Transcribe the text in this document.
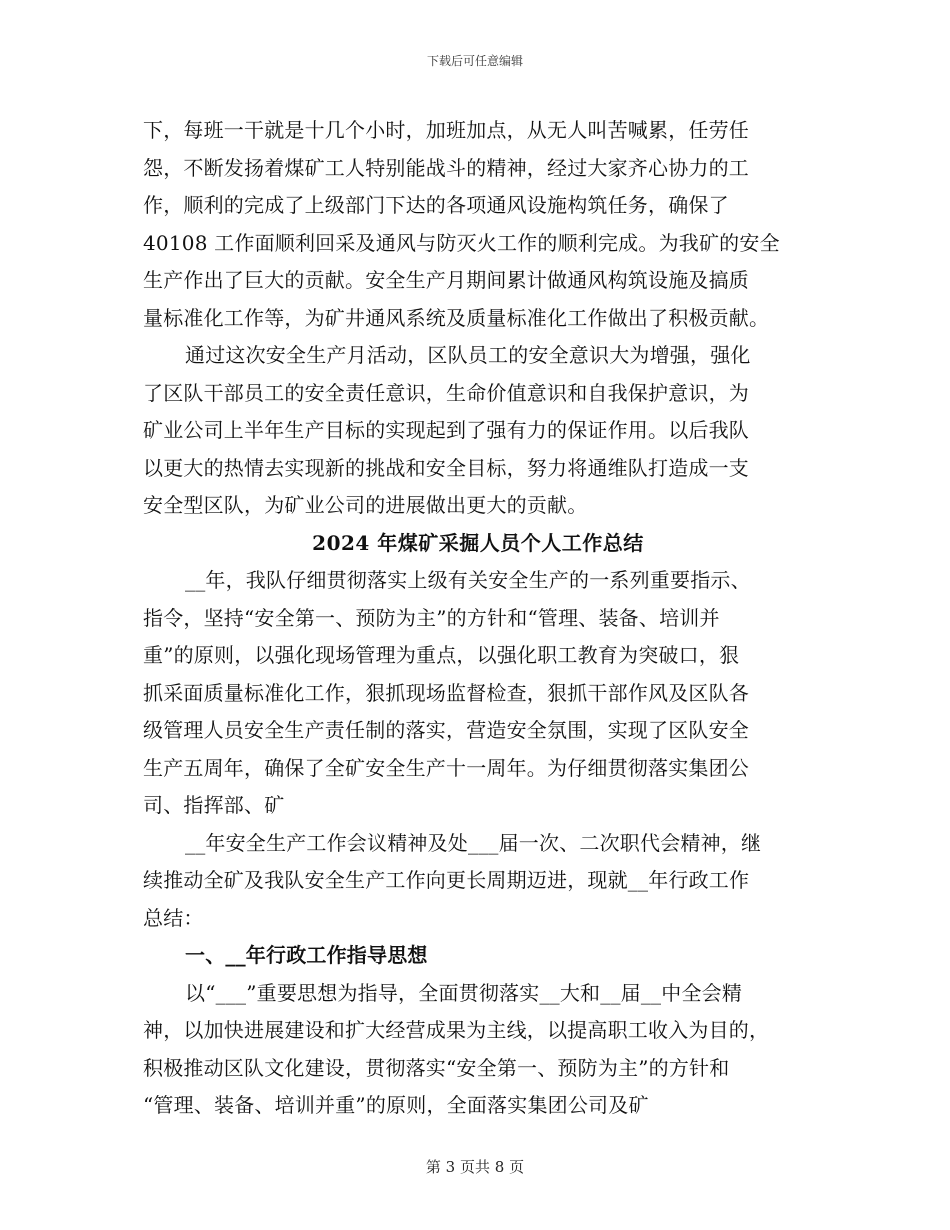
下载后可任意编辑
下，每班一干就是十几个小时，加班加点，从无人叫苦喊累，任劳任
怨，不断发扬着煤矿工人特别能战斗的精神，经过大家齐心协力的工
作，顺利的完成了上级部门下达的各项通风设施构筑任务，确保了
40108 工作面顺利回采及通风与防灭火工作的顺利完成。为我矿的安全
生产作出了巨大的贡献。安全生产月期间累计做通风构筑设施及搞质
量标准化工作等，为矿井通风系统及质量标准化工作做出了积极贡献。
通过这次安全生产月活动，区队员工的安全意识大为增强，强化
了区队干部员工的安全责任意识，生命价值意识和自我保护意识，为
矿业公司上半年生产目标的实现起到了强有力的保证作用。以后我队
以更大的热情去实现新的挑战和安全目标，努力将通维队打造成一支
安全型区队，为矿业公司的进展做出更大的贡献。
2024 年煤矿采掘人员个人工作总结
__年，我队仔细贯彻落实上级有关安全生产的一系列重要指示、
指令，坚持“安全第一、预防为主”的方针和“管理、装备、培训并
重”的原则，以强化现场管理为重点，以强化职工教育为突破口，狠
抓采面质量标准化工作，狠抓现场监督检查，狠抓干部作风及区队各
级管理人员安全生产责任制的落实，营造安全氛围，实现了区队安全
生产五周年，确保了全矿安全生产十一周年。为仔细贯彻落实集团公
司、指挥部、矿
__年安全生产工作会议精神及处___届一次、二次职代会精神，继
续推动全矿及我队安全生产工作向更长周期迈进，现就__年行政工作
总结：
一、__年行政工作指导思想
以“___”重要思想为指导，全面贯彻落实__大和__届__中全会精
神，以加快进展建设和扩大经营成果为主线，以提高职工收入为目的，
积极推动区队文化建设，贯彻落实“安全第一、预防为主”的方针和
“管理、装备、培训并重”的原则，全面落实集团公司及矿
第 3 页共 8 页
